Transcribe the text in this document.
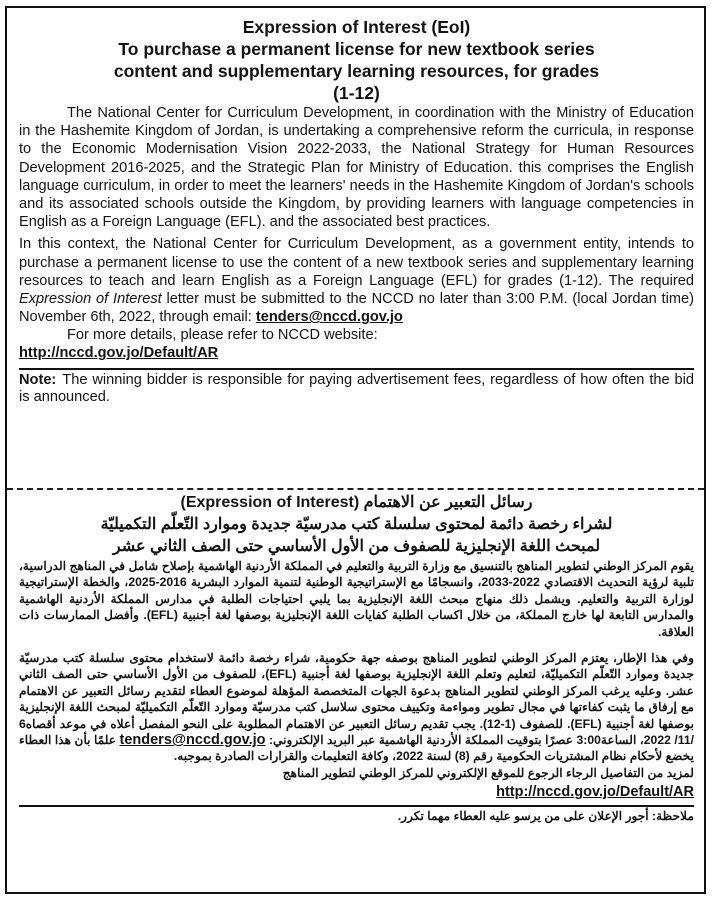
Expression of Interest (EoI)
To purchase a permanent license for new textbook series
content and supplementary learning resources, for grades
(1-12)

The National Center for Curriculum Development, in coordination with the Ministry of Education in the Hashemite Kingdom of Jordan, is undertaking a comprehensive reform the curricula, in response to the Economic Modernisation Vision 2022-2033, the National Strategy for Human Resources Development 2016-2025, and the Strategic Plan for Ministry of Education. this comprises the English language curriculum, in order to meet the learners' needs in the Hashemite Kingdom of Jordan's schools and its associated schools outside the Kingdom, by providing learners with language competencies in English as a Foreign Language (EFL). and the associated best practices.

In this context, the National Center for Curriculum Development, as a government entity, intends to purchase a permanent license to use the content of a new textbook series and supplementary learning resources to teach and learn English as a Foreign Language (EFL) for grades (1-12). The required Expression of Interest letter must be submitted to the NCCD no later than 3:00 P.M. (local Jordan time) November 6th, 2022, through email: tenders@nccd.gov.jo

For more details, please refer to NCCD website:
http://nccd.gov.jo/Default/AR
Note: The winning bidder is responsible for paying advertisement fees, regardless of how often the bid is announced.
رسائل التعبير عن الاهتمام (Expression of Interest)
لشراء رخصة دائمة لمحتوى سلسلة كتب مدرسيّة جديدة وموارد التّعلّم التكميليّة
لمبحث اللغة الإنجليزية للصفوف من الأول الأساسي حتى الصف الثاني عشر

يقوم المركز الوطني لتطوير المناهج بالتنسيق مع وزارة التربية والتعليم في المملكة الأردنية الهاشمية بإصلاح شامل في المناهج الدراسية، تلبية لرؤية التحديث الاقتصادي 2022-2033، وانسجامًا مع الإستراتيجية الوطنية لتنمية الموارد البشرية 2016-2025، والخطة الإستراتيجية لوزارة التربية والتعليم. ويشمل ذلك منهاج مبحث اللغة الإنجليزية بما يلبي احتياجات الطلبة في مدارس المملكة الأردنية الهاشمية والمدارس التابعة لها خارج المملكة، من خلال اكساب الطلبة كفايات اللغة الإنجليزية بوصفها لغة أجنبية (EFL). وأفضل الممارسات ذات العلاقة.

وفي هذا الإطار، يعتزم المركز الوطني لتطوير المناهج بوصفه جهة حكومية، شراء رخصة دائمة لاستخدام محتوى سلسلة كتب مدرسيّة جديدة وموارد التّعلّم التكميليّة، لتعليم وتعلم اللغة الإنجليزية بوصفها لغة أجنبية (EFL)، للصفوف من الأول الأساسي حتى الصف الثاني عشر. وعليه يرغب المركز الوطني لتطوير المناهج بدعوة الجهات المتخصصة المؤهلة لموضوع العطاء لتقديم رسائل التعبير عن الاهتمام مع إرفاق ما يثبت كفاءتها في مجال تطوير ومواءمة وتكييف محتوى سلاسل كتب مدرسيّة وموارد التّعلّم التكميليّة لمبحث اللغة الإنجليزية بوصفها لغة أجنبية (EFL). للصفوف (1-12). يجب تقديم رسائل التعبير عن الاهتمام المطلوبة على النحو المفصل أعلاه في موعد أقصاه6 /11/ 2022، الساعة3:00 عصرًا بتوقيت المملكة الأردنية الهاشمية عبر البريد الإلكتروني: tenders@nccd.gov.jo علمًا بأن هذا العطاء يخضع لأحكام نظام المشتريات الحكومية رقم (8) لسنة 2022، وكافة التعليمات والقرارات الصادرة بموجبه.

لمزيد من التفاصيل الرجاء الرجوع للموقع الإلكتروني للمركز الوطني لتطوير المناهج

http://nccd.gov.jo/Default/AR
ملاحظة: أجور الإعلان على من يرسو عليه العطاء مهما تكرر.
